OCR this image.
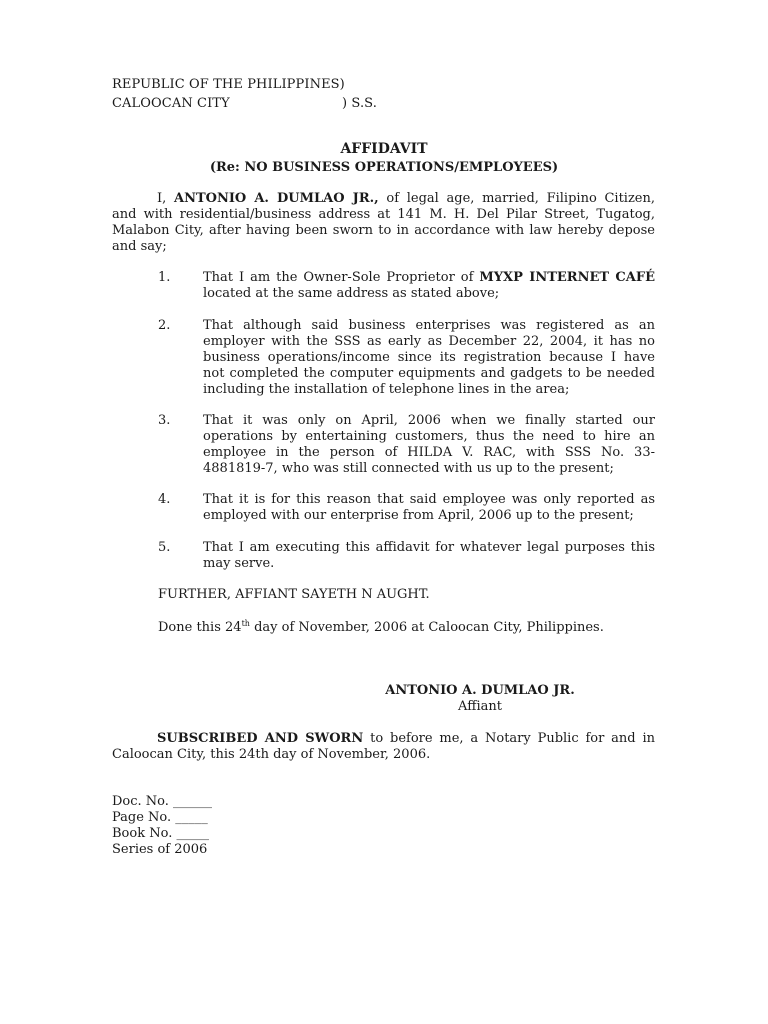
REPUBLIC OF THE PHILIPPINES)
CALOOCAN CITY	) S.S.
AFFIDAVIT
(Re: NO BUSINESS OPERATIONS/EMPLOYEES)
I, ANTONIO A. DUMLAO JR., of legal age, married, Filipino Citizen,
and with residential/business address at 141 M. H. Del Pilar Street, Tugatog,
Malabon City, after having been sworn to in accordance with law hereby depose
and say;
1.	That I am the Owner-Sole Proprietor of MYXP INTERNET CAFÉ
located at the same address as stated above;
2.	That although said business enterprises was registered as an
employer with the SSS as early as December 22, 2004, it has no
business operations/income since its registration because I have
not completed the computer equipments and gadgets to be needed
including the installation of telephone lines in the area;
3.	That it was only on April, 2006 when we finally started our
operations by entertaining customers, thus the need to hire an
employee in the person of HILDA V. RAC, with SSS No. 33-
4881819-7, who was still connected with us up to the present;
4.	That it is for this reason that said employee was only reported as
employed with our enterprise from April, 2006 up to the present;
5.	That I am executing this affidavit for whatever legal purposes this
may serve.
FURTHER, AFFIANT SAYETH N AUGHT.
Done this 24th day of November, 2006 at Caloocan City, Philippines.
ANTONIO A. DUMLAO JR.
Affiant
SUBSCRIBED AND SWORN to before me, a Notary Public for and in
Caloocan City, this 24th day of November, 2006.
Doc. No. ______
Page No. _____
Book No. _____
Series of 2006
